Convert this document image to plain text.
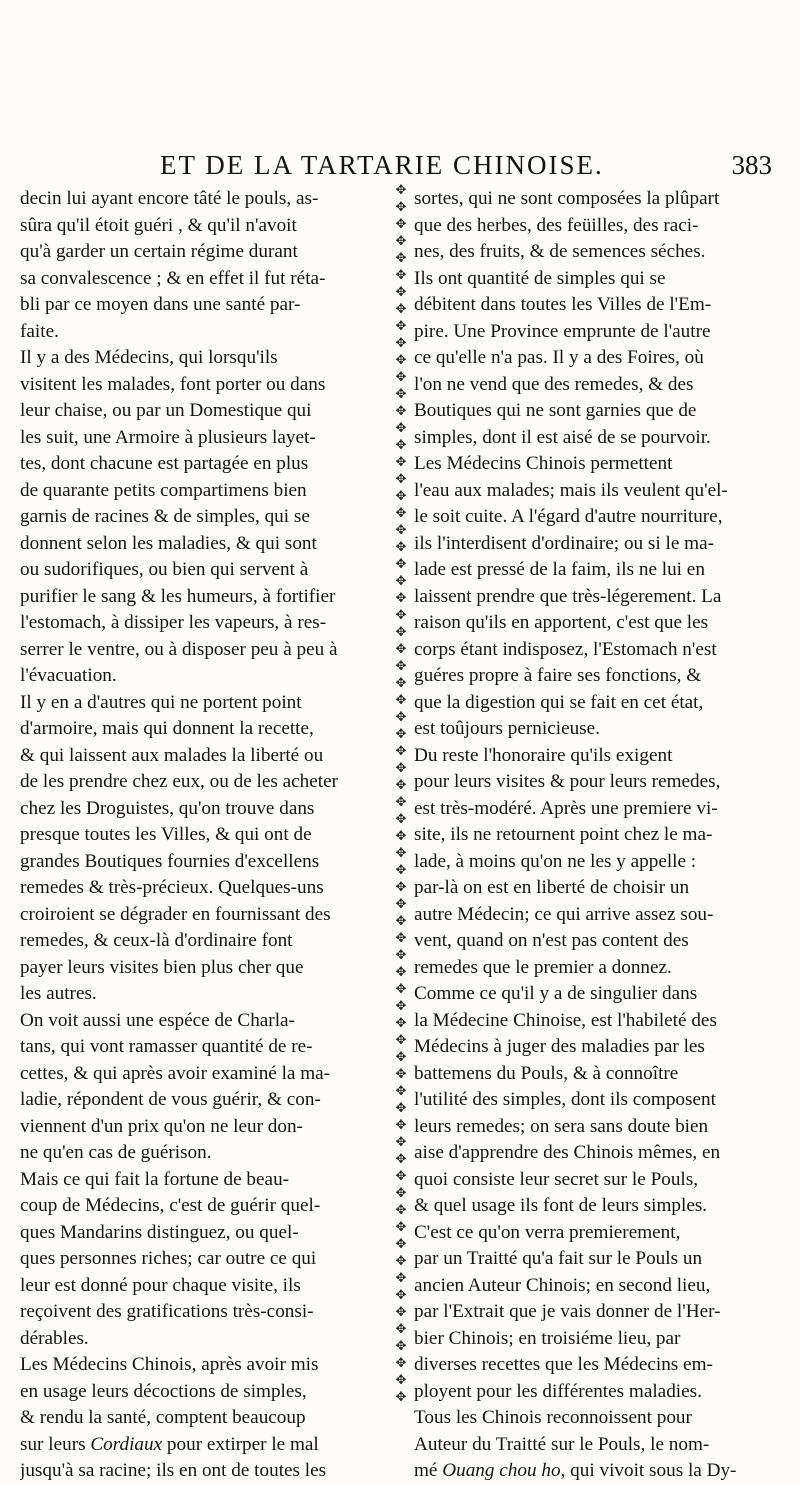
ET DE LA TARTARIE CHINOISE.	383
decin lui ayant encore tâté le pouls, as-
sûra qu'il étoit guéri , & qu'il n'avoit
qu'à garder un certain régime durant
sa convalescence ; & en effet il fut réta-
bli par ce moyen dans une santé par-
faite.
Il y a des Médecins, qui lorsqu'ils
visitent les malades, font porter ou dans
leur chaise, ou par un Domestique qui
les suit, une Armoire à plusieurs layet-
tes, dont chacune est partagée en plus
de quarante petits compartimens bien
garnis de racines & de simples, qui se
donnent selon les maladies, & qui sont
ou sudorifiques, ou bien qui servent à
purifier le sang & les humeurs, à fortifier
l'estomach, à dissiper les vapeurs, à res-
serrer le ventre, ou à disposer peu à peu à
l'évacuation.
Il y en a d'autres qui ne portent point
d'armoire, mais qui donnent la recette,
& qui laissent aux malades la liberté ou
de les prendre chez eux, ou de les acheter
chez les Droguistes, qu'on trouve dans
presque toutes les Villes, & qui ont de
grandes Boutiques fournies d'excellens
remedes & très-précieux. Quelques-uns
croiroient se dégrader en fournissant des
remedes, & ceux-là d'ordinaire font
payer leurs visites bien plus cher que
les autres.
On voit aussi une espéce de Charla-
tans, qui vont ramasser quantité de re-
cettes, & qui après avoir examiné la ma-
ladie, répondent de vous guérir, & con-
viennent d'un prix qu'on ne leur don-
ne qu'en cas de guérison.
Mais ce qui fait la fortune de beau-
coup de Médecins, c'est de guérir quel-
ques Mandarins distinguez, ou quel-
ques personnes riches; car outre ce qui
leur est donné pour chaque visite, ils
reçoivent des gratifications très-consi-
dérables.
Les Médecins Chinois, après avoir mis
en usage leurs décoctions de simples,
& rendu la santé, comptent beaucoup
sur leurs Cordiaux pour extirper le mal
jusqu'à sa racine; ils en ont de toutes les
✥
✥
✥
✥
✥
✥
✥
✥
✥
✥
✥
✥
✥
✥
✥
✥
✥
✥
✥
✥
✥
✥
✥
✥
✥
✥
✥
✥
✥
✥
✥
✥
✥
✥
✥
✥
✥
✥
✥
✥
✥
✥
✥
✥
✥
✥
✥
✥
✥
✥
✥
✥
✥
✥
✥
✥
✥
✥
✥
✥
✥
✥
✥
✥
✥
✥
✥
✥
✥
✥
✥
✥
sortes, qui ne sont composées la plûpart
que des herbes, des feüilles, des raci-
nes, des fruits, & de semences séches.
Ils ont quantité de simples qui se
débitent dans toutes les Villes de l'Em-
pire. Une Province emprunte de l'autre
ce qu'elle n'a pas. Il y a des Foires, où
l'on ne vend que des remedes, & des
Boutiques qui ne sont garnies que de
simples, dont il est aisé de se pourvoir.
Les Médecins Chinois permettent
l'eau aux malades; mais ils veulent qu'el-
le soit cuite. A l'égard d'autre nourriture,
ils l'interdisent d'ordinaire; ou si le ma-
lade est pressé de la faim, ils ne lui en
laissent prendre que très-légerement. La
raison qu'ils en apportent, c'est que les
corps étant indisposez, l'Estomach n'est
guéres propre à faire ses fonctions, &
que la digestion qui se fait en cet état,
est toûjours pernicieuse.
Du reste l'honoraire qu'ils exigent
pour leurs visites & pour leurs remedes,
est très-modéré. Après une premiere vi-
site, ils ne retournent point chez le ma-
lade, à moins qu'on ne les y appelle :
par-là on est en liberté de choisir un
autre Médecin; ce qui arrive assez sou-
vent, quand on n'est pas content des
remedes que le premier a donnez.
Comme ce qu'il y a de singulier dans
la Médecine Chinoise, est l'habileté des
Médecins à juger des maladies par les
battemens du Pouls, & à connoître
l'utilité des simples, dont ils composent
leurs remedes; on sera sans doute bien
aise d'apprendre des Chinois mêmes, en
quoi consiste leur secret sur le Pouls,
& quel usage ils font de leurs simples.
C'est ce qu'on verra premierement,
par un Traitté qu'a fait sur le Pouls un
ancien Auteur Chinois; en second lieu,
par l'Extrait que je vais donner de l'Her-
bier Chinois; en troisiéme lieu, par
diverses recettes que les Médecins em-
ployent pour les différentes maladies.
Tous les Chinois reconnoissent pour
Auteur du Traitté sur le Pouls, le nom-
mé Ouang chou ho, qui vivoit sous la Dy-
